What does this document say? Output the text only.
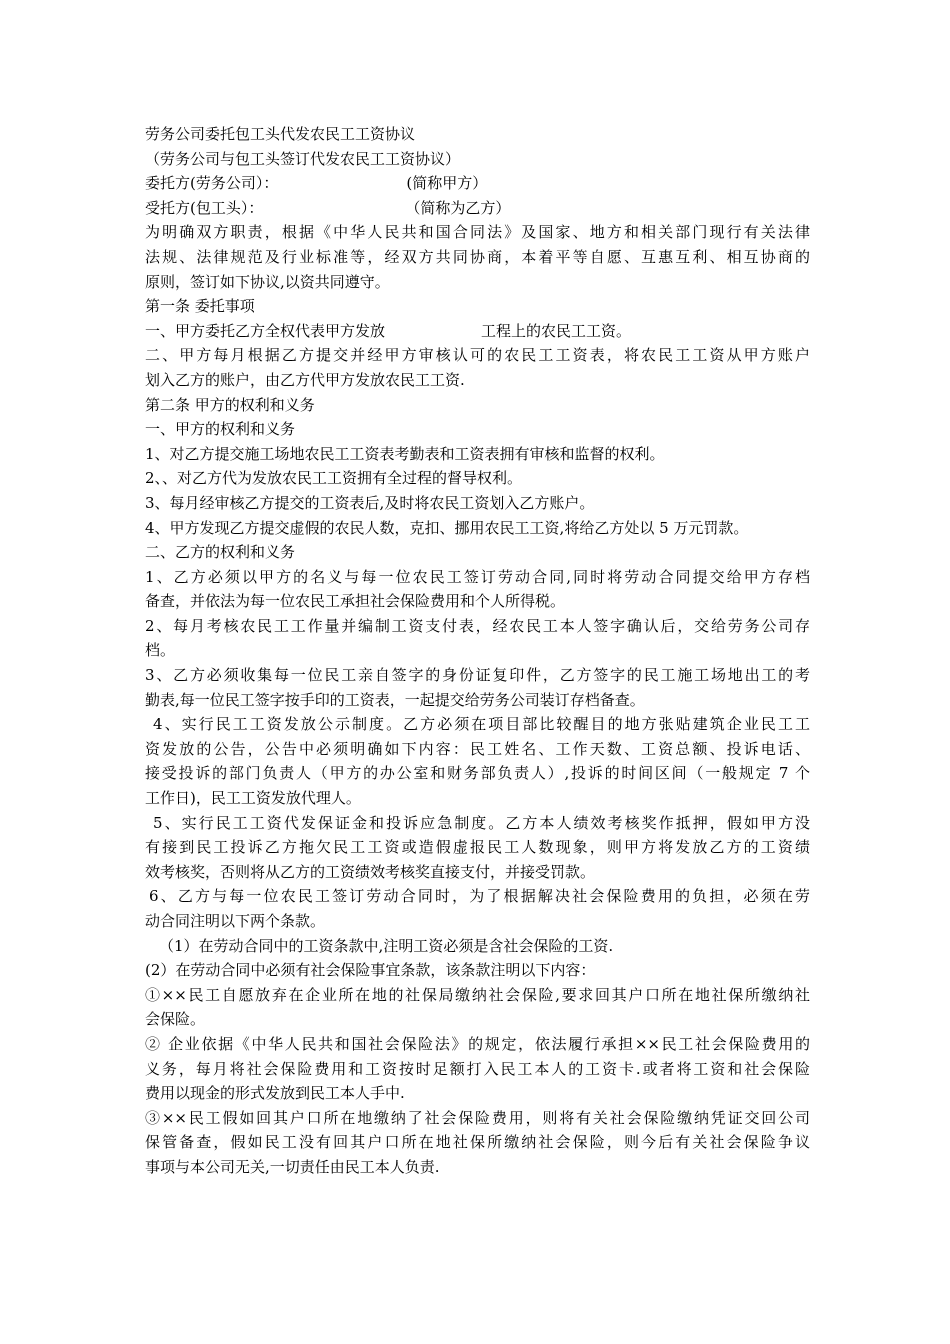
劳务公司委托包工头代发农民工工资协议
（劳务公司与包工头签订代发农民工工资协议）
委托方(劳务公司）：	(简称甲方）
受托方(包工头）：	（简称为乙方）
为明确双方职责，根据《中华人民共和国合同法》及国家、地方和相关部门现行有关法律
法规、法律规范及行业标准等，经双方共同协商，本着平等自愿、互惠互利、相互协商的
原则，签订如下协议,以资共同遵守。
第一条 委托事项
一、甲方委托乙方全权代表甲方发放	工程上的农民工工资。
二、甲方每月根据乙方提交并经甲方审核认可的农民工工资表，将农民工工资从甲方账户
划入乙方的账户，由乙方代甲方发放农民工工资.
第二条 甲方的权利和义务
一、甲方的权利和义务
1、对乙方提交施工场地农民工工资表考勤表和工资表拥有审核和监督的权利。
2、、对乙方代为发放农民工工资拥有全过程的督导权利。
3、每月经审核乙方提交的工资表后,及时将农民工资划入乙方账户。
4、甲方发现乙方提交虚假的农民人数，克扣、挪用农民工工资,将给乙方处以 5 万元罚款。
二、乙方的权利和义务
1、乙方必须以甲方的名义与每一位农民工签订劳动合同,同时将劳动合同提交给甲方存档
备查，并依法为每一位农民工承担社会保险费用和个人所得税。
2、每月考核农民工工作量并编制工资支付表，经农民工本人签字确认后，交给劳务公司存
档。
3、乙方必须收集每一位民工亲自签字的身份证复印件，乙方签字的民工施工场地出工的考
勤表,每一位民工签字按手印的工资表，一起提交给劳务公司装订存档备查。
4、实行民工工资发放公示制度。乙方必须在项目部比较醒目的地方张贴建筑企业民工工
资发放的公告，公告中必须明确如下内容：民工姓名、工作天数、工资总额、投诉电话、
接受投诉的部门负责人（甲方的办公室和财务部负责人）,投诉的时间区间（一般规定 7 个
工作日)，民工工资发放代理人。
5、实行民工工资代发保证金和投诉应急制度。乙方本人绩效考核奖作抵押，假如甲方没
有接到民工投诉乙方拖欠民工工资或造假虚报民工人数现象，则甲方将发放乙方的工资绩
效考核奖，否则将从乙方的工资绩效考核奖直接支付，并接受罚款。
6、乙方与每一位农民工签订劳动合同时，为了根据解决社会保险费用的负担，必须在劳
动合同注明以下两个条款。
（1）在劳动合同中的工资条款中,注明工资必须是含社会保险的工资.
(2）在劳动合同中必须有社会保险事宜条款，该条款注明以下内容：
①××民工自愿放弃在企业所在地的社保局缴纳社会保险,要求回其户口所在地社保所缴纳社
会保险。
② 企业依据《中华人民共和国社会保险法》的规定，依法履行承担××民工社会保险费用的
义务，每月将社会保险费用和工资按时足额打入民工本人的工资卡.或者将工资和社会保险
费用以现金的形式发放到民工本人手中.
③××民工假如回其户口所在地缴纳了社会保险费用，则将有关社会保险缴纳凭证交回公司
保管备查，假如民工没有回其户口所在地社保所缴纳社会保险，则今后有关社会保险争议
事项与本公司无关,一切责任由民工本人负责.
